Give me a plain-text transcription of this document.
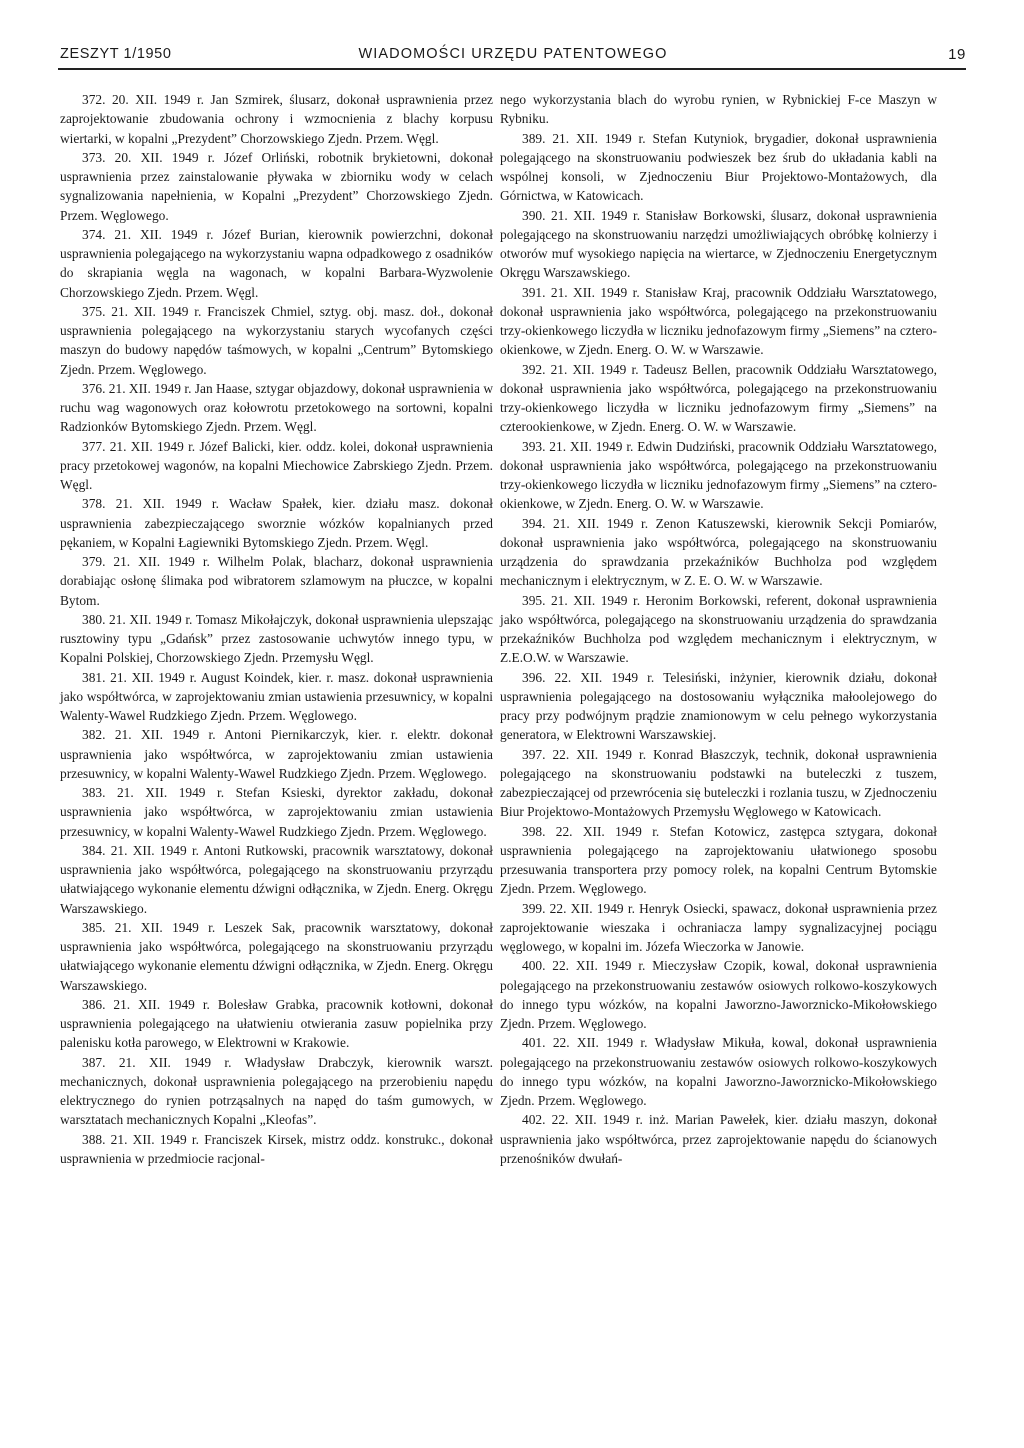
ZESZYT 1/1950	WIADOMOŚCI URZĘDU PATENTOWEGO	19

372. 20. XII. 1949 r. Jan Szmirek, ślusarz, dokonał usprawnienia przez zaprojektowanie zbudowania ochrony i wzmocnienia z blachy korpusu wiertarki, w kopalni „Prezydent” Chorzowskiego Zjedn. Przem. Węgl.

373. 20. XII. 1949 r. Józef Orliński, robotnik brykietowni, dokonał usprawnienia przez zainstalowanie pływaka w zbiorniku wody w celach sygnalizowania napełnienia, w Kopalni „Prezydent” Chorzowskiego Zjedn. Przem. Węglowego.

374. 21. XII. 1949 r. Józef Burian, kierownik powierzchni, dokonał usprawnienia polegającego na wykorzystaniu wapna odpadkowego z osadników do skrapiania węgla na wagonach, w kopalni Barbara-Wyzwolenie Chorzowskiego Zjedn. Przem. Węgl.

375. 21. XII. 1949 r. Franciszek Chmiel, sztyg. obj. masz. doł., dokonał usprawnienia polegającego na wykorzystaniu starych wycofanych części maszyn do budowy napędów taśmowych, w kopalni „Centrum” Bytomskiego Zjedn. Przem. Węglowego.

376. 21. XII. 1949 r. Jan Haase, sztygar objazdowy, dokonał usprawnienia w ruchu wag wagonowych oraz kołowrotu przetokowego na sortowni, kopalni Radzionków Bytomskiego Zjedn. Przem. Węgl.

377. 21. XII. 1949 r. Józef Balicki, kier. oddz. kolei, dokonał usprawnienia pracy przetokowej wagonów, na kopalni Miechowice Zabrskiego Zjedn. Przem. Węgl.

378. 21. XII. 1949 r. Wacław Spałek, kier. działu masz. dokonał usprawnienia zabezpieczającego sworznie wózków kopalnianych przed pękaniem, w Kopalni Łagiewniki Bytomskiego Zjedn. Przem. Węgl.

379. 21. XII. 1949 r. Wilhelm Polak, blacharz, dokonał usprawnienia dorabiając osłonę ślimaka pod wibratorem szlamowym na płuczce, w kopalni Bytom.

380. 21. XII. 1949 r. Tomasz Mikołajczyk, dokonał usprawnienia ulepszając rusztowiny typu „Gdańsk” przez zastosowanie uchwytów innego typu, w Kopalni Polskiej, Chorzowskiego Zjedn. Przemysłu Węgl.

381. 21. XII. 1949 r. August Koindek, kier. r. masz. dokonał usprawnienia jako współtwórca, w zaprojektowaniu zmian ustawienia przesuwnicy, w kopalni Walenty-Wawel Rudzkiego Zjedn. Przem. Węglowego.

382. 21. XII. 1949 r. Antoni Piernikarczyk, kier. r. elektr. dokonał usprawnienia jako współtwórca, w zaprojektowaniu zmian ustawienia przesuwnicy, w kopalni Walenty-Wawel Rudzkiego Zjedn. Przem. Węglowego.

383. 21. XII. 1949 r. Stefan Ksieski, dyrektor zakładu, dokonał usprawnienia jako współtwórca, w zaprojektowaniu zmian ustawienia przesuwnicy, w kopalni Walenty-Wawel Rudzkiego Zjedn. Przem. Węglowego.

384. 21. XII. 1949 r. Antoni Rutkowski, pracownik warsztatowy, dokonał usprawnienia jako współtwórca, polegającego na skonstruowaniu przyrządu ułatwiającego wykonanie elementu dźwigni odłącznika, w Zjedn. Energ. Okręgu Warszawskiego.

385. 21. XII. 1949 r. Leszek Sak, pracownik warsztatowy, dokonał usprawnienia jako współtwórca, polegającego na skonstruowaniu przyrządu ułatwiającego wykonanie elementu dźwigni odłącznika, w Zjedn. Energ. Okręgu Warszawskiego.

386. 21. XII. 1949 r. Bolesław Grabka, pracownik kotłowni, dokonał usprawnienia polegającego na ułatwieniu otwierania zasuw popielnika przy palenisku kotła parowego, w Elektrowni w Krakowie.

387. 21. XII. 1949 r. Władysław Drabczyk, kierownik warszt. mechanicznych, dokonał usprawnienia polegającego na przerobieniu napędu elektrycznego do rynien potrząsalnych na napęd do taśm gumowych, w warsztatach mechanicznych Kopalni „Kleofas”.

388. 21. XII. 1949 r. Franciszek Kirsek, mistrz oddz. konstrukc., dokonał usprawnienia w przedmiocie racjonal-

nego wykorzystania blach do wyrobu rynien, w Rybnickiej F-ce Maszyn w Rybniku.

389. 21. XII. 1949 r. Stefan Kutyniok, brygadier, dokonał usprawnienia polegającego na skonstruowaniu podwieszek bez śrub do układania kabli na wspólnej konsoli, w Zjednoczeniu Biur Projektowo-Montażowych, dla Górnictwa, w Katowicach.

390. 21. XII. 1949 r. Stanisław Borkowski, ślusarz, dokonał usprawnienia polegającego na skonstruowaniu narzędzi umożliwiających obróbkę kolnierzy i otworów muf wysokiego napięcia na wiertarce, w Zjednoczeniu Energetycznym Okręgu Warszawskiego.

391. 21. XII. 1949 r. Stanisław Kraj, pracownik Oddziału Warsztatowego, dokonał usprawnienia jako współtwórca, polegającego na przekonstruowaniu trzy-okienkowego liczydła w liczniku jednofazowym firmy „Siemens” na cztero-okienkowe, w Zjedn. Energ. O. W. w Warszawie.

392. 21. XII. 1949 r. Tadeusz Bellen, pracownik Oddziału Warsztatowego, dokonał usprawnienia jako współtwórca, polegającego na przekonstruowaniu trzy-okienkowego liczydła w liczniku jednofazowym firmy „Siemens” na czterookienkowe, w Zjedn. Energ. O. W. w Warszawie.

393. 21. XII. 1949 r. Edwin Dudziński, pracownik Oddziału Warsztatowego, dokonał usprawnienia jako współtwórca, polegającego na przekonstruowaniu trzy-okienkowego liczydła w liczniku jednofazowym firmy „Siemens” na cztero-okienkowe, w Zjedn. Energ. O. W. w Warszawie.

394. 21. XII. 1949 r. Zenon Katuszewski, kierownik Sekcji Pomiarów, dokonał usprawnienia jako współtwórca, polegającego na skonstruowaniu urządzenia do sprawdzania przekaźników Buchholza pod względem mechanicznym i elektrycznym, w Z. E. O. W. w Warszawie.

395. 21. XII. 1949 r. Heronim Borkowski, referent, dokonał usprawnienia jako współtwórca, polegającego na skonstruowaniu urządzenia do sprawdzania przekaźników Buchholza pod względem mechanicznym i elektrycznym, w Z.E.O.W. w Warszawie.

396. 22. XII. 1949 r. Telesiński, inżynier, kierownik działu, dokonał usprawnienia polegającego na dostosowaniu wyłącznika małoolejowego do pracy przy podwójnym prądzie znamionowym w celu pełnego wykorzystania generatora, w Elektrowni Warszawskiej.

397. 22. XII. 1949 r. Konrad Błaszczyk, technik, dokonał usprawnienia polegającego na skonstruowaniu podstawki na buteleczki z tuszem, zabezpieczającej od przewrócenia się buteleczki i rozlania tuszu, w Zjednoczeniu Biur Projektowo-Montażowych Przemysłu Węglowego w Katowicach.

398. 22. XII. 1949 r. Stefan Kotowicz, zastępca sztygara, dokonał usprawnienia polegającego na zaprojektowaniu ułatwionego sposobu przesuwania transportera przy pomocy rolek, na kopalni Centrum Bytomskie Zjedn. Przem. Węglowego.

399. 22. XII. 1949 r. Henryk Osiecki, spawacz, dokonał usprawnienia przez zaprojektowanie wieszaka i ochraniacza lampy sygnalizacyjnej pociągu węglowego, w kopalni im. Józefa Wieczorka w Janowie.

400. 22. XII. 1949 r. Mieczysław Czopik, kowal, dokonał usprawnienia polegającego na przekonstruowaniu zestawów osiowych rolkowo-koszykowych do innego typu wózków, na kopalni Jaworzno-Jaworznicko-Mikołowskiego Zjedn. Przem. Węglowego.

401. 22. XII. 1949 r. Władysław Mikuła, kowal, dokonał usprawnienia polegającego na przekonstruowaniu zestawów osiowych rolkowo-koszykowych do innego typu wózków, na kopalni Jaworzno-Jaworznicko-Mikołowskiego Zjedn. Przem. Węglowego.

402. 22. XII. 1949 r. inż. Marian Pawełek, kier. działu maszyn, dokonał usprawnienia jako współtwórca, przez zaprojektowanie napędu do ścianowych przenośników dwułań-
